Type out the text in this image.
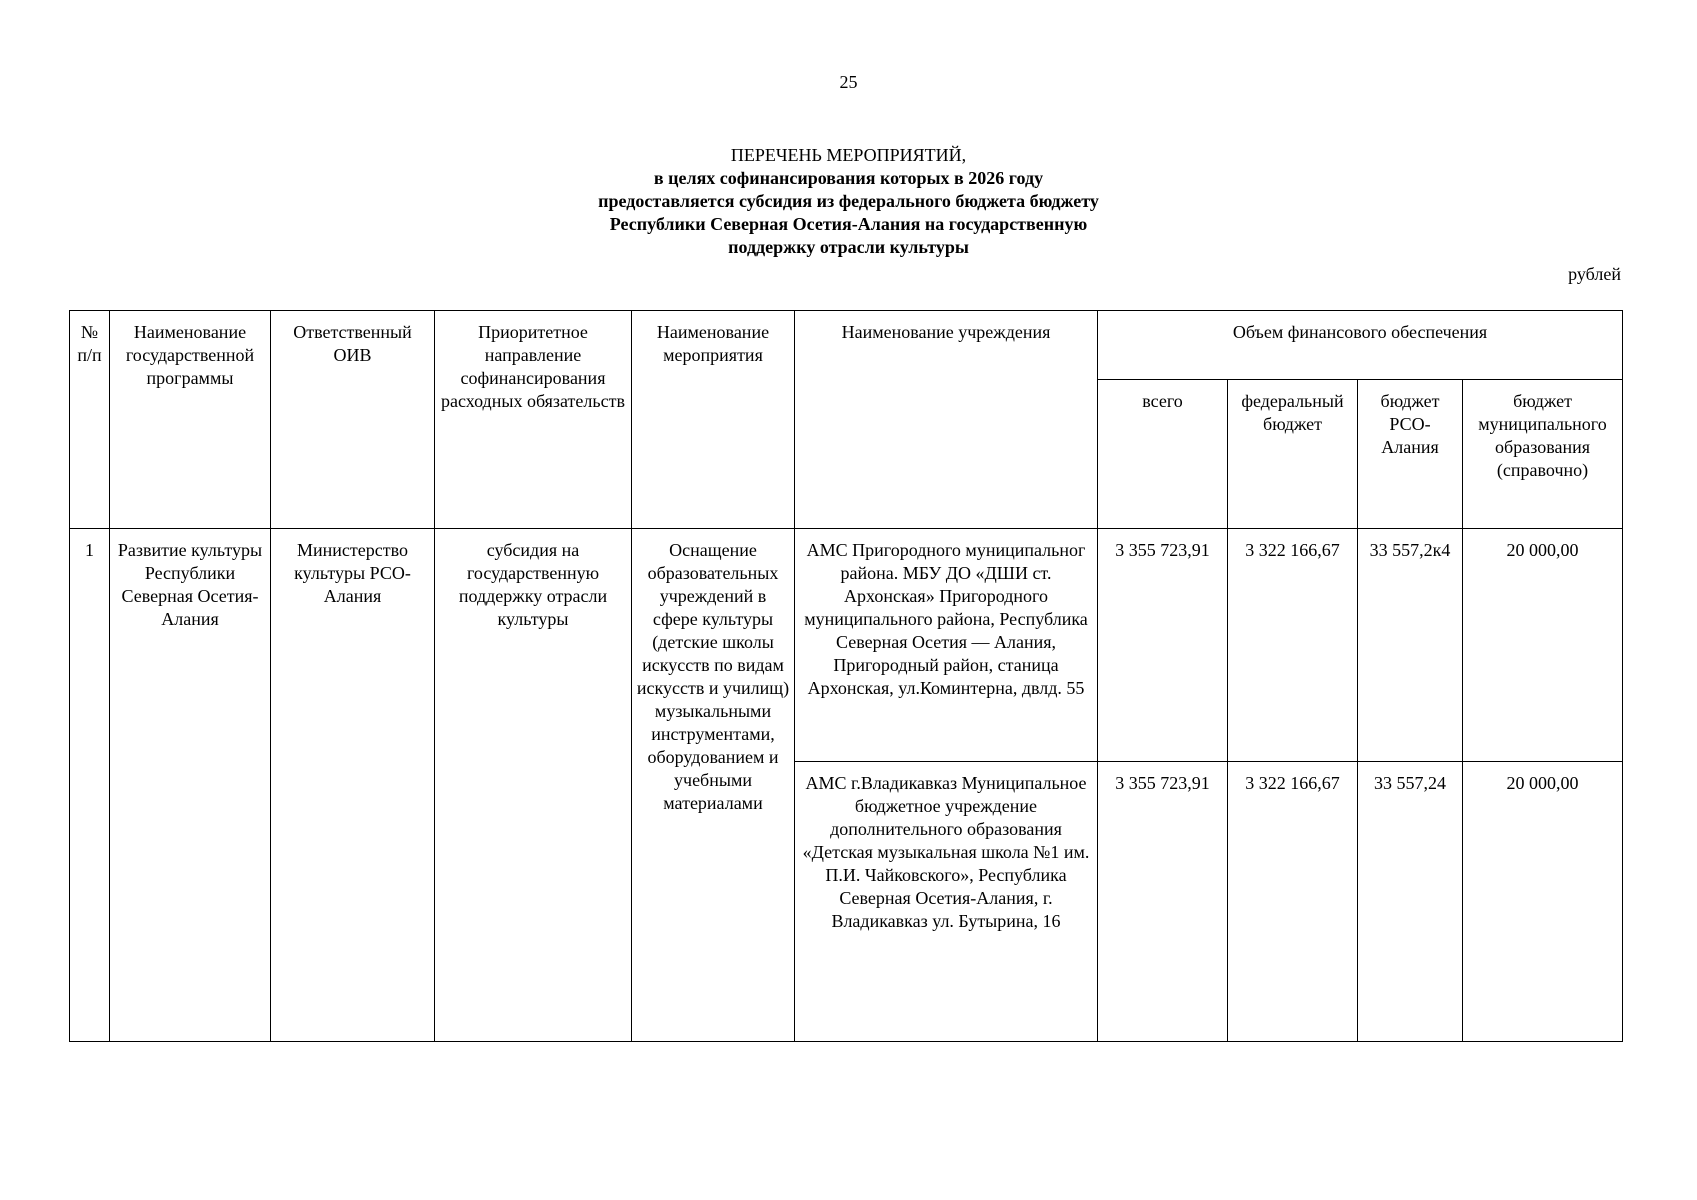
25
ПЕРЕЧЕНЬ МЕРОПРИЯТИЙ,
в целях софинансирования которых в 2026 году
предоставляется субсидия из федерального бюджета бюджету
Республики Северная Осетия-Алания на государственную
поддержку отрасли культуры
рублей
№ п/п	Наименование государственной программы	Ответственный ОИВ	Приоритетное направление софинансирования расходных обязательств	Наименование мероприятия	Наименование учреждения	Объем финансового обеспечения			
						всего	федеральный бюджет	бюджет РСО-Алания	бюджет муниципального образования (справочно)
1	Развитие культуры Республики Северная Осетия-Алания	Министерство культуры РСО-Алания	субсидия на государственную поддержку отрасли культуры	Оснащение образовательных учреждений в сфере культуры (детские школы искусств по видам искусств и училищ) музыкальными инструментами, оборудованием и учебными материалами	АМС Пригородного муниципальног района. МБУ ДО «ДШИ ст. Архонская» Пригородного муниципального района, Республика Северная Осетия — Алания, Пригородный район, станица Архонская, ул.Коминтерна, двлд. 55	3 355 723,91	3 322 166,67	33 557,2к4	20 000,00
					АМС г.Владикавказ Муниципальное бюджетное учреждение дополнительного образования «Детская музыкальная школа №1 им. П.И. Чайковского», Республика Северная Осетия-Алания, г. Владикавказ ул. Бутырина, 16	3 355 723,91	3 322 166,67	33 557,24	20 000,00
